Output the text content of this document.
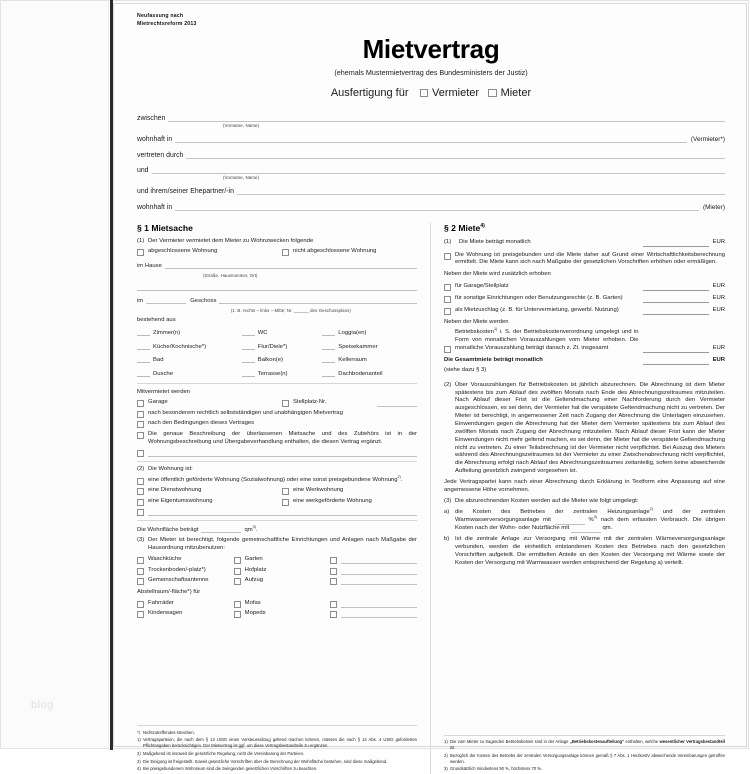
blog
Neufassung nach
Mietrechtsreform 2013
Mietvertrag
(ehemals Mustermietvertrag des Bundesministers der Justiz)
Ausfertigung für Vermieter Mieter
zwischen
(Vorname, Name)
wohnhaft in	(Vermieter*)
vertreten durch
und
(Vorname, Name)
und ihrem/seiner Ehepartner/-in
wohnhaft in	(Mieter)
§ 1 Mietsache
(1) Der Vermieter vermietet dem Mieter zu Wohnzwecken folgende
abgeschlossene Wohnung	nicht abgeschlossene Wohnung
im Hause
(Straße, Hausnummer, Ort)
im	Geschoss
(z. B. rechts – links – Mitte; Nr. ______ des Geschossplans)
bestehend aus
Zimmer(n)	WC	Loggia(en)
Küche/Kochnische*)	Flur/Diele*)	Speisekammer
Bad	Balkon(e)	Kellerraum
Dusche	Terrasse(n)	Dachbodenanteil
Mitvermietet werden
Garage	Stellplatz-Nr.
nach besonderem rechtlich selbstständigen und unabhängigen Mietvertrag
nach den Bedingungen dieses Vertrages
Die genaue Beschreibung der überlassenen Mietsache und des Zubehörs ist in der Wohnungsbeschreibung und Übergabeverhandlung enthalten, die diesen Vertrag ergänzt.
(2) Die Wohnung ist:
eine öffentlich geförderte Wohnung (Sozialwohnung) oder eine sonst preisgebundene Wohnung$^{2)}$.
eine Dienstwohnung	eine Werkwohnung
eine Eigentumswohnung	eine werkgeförderte Wohnung
Die Wohnfläche beträgt	$qm^{3)}$.
(3) Der Mieter ist berechtigt, folgende gemeinschaftliche Einrichtungen und Anlagen nach Maßgabe der Hausordnung mitzubenutzen:
Waschküche	Garten
Trockenboden/-platz*)	Hofplatz
Gemeinschaftsantenne	Aufzug
Abstellraum/-fläche*) für
Fahrräder	Mofas
Kinderwagen	Mopeds
*) Nichtzutreffendes streichen.
1) Vertragsparteien, die nach dem § 13 UStG einen Vorsteuerabzug geltend machen können, müssen die nach § 14 Abs. 4 UStG geforderten Pflichtangaben berücksichtigen. Der Mietvertrag ist ggf. um diese Vertragsbestandteile zu ergänzen.
2) Maßgebend ist insoweit die gesetzliche Regelung, nicht die Vereinbarung der Parteien.
3) Die Einigung ist freigestellt. Soweit gesetzliche Vorschriften über die Berechnung der Wohnfläche bestehen, sind diese maßgebend.
4) Bei preisgebundenem Wohnraum sind die zwingenden gesetzlichen Vorschriften zu beachten.
§ 2 Miete$^{4)}$
(1)	Die Miete beträgt monatlich	EUR
Die Wohnung ist preisgebunden und die Miete daher auf Grund einer Wirtschaftlichkeitsberechnung ermittelt. Die Miete kann sich nach Maßgabe der gesetzlichen Vorschriften erhöhen oder ermäßigen.
Neben der Miete wird zusätzlich erhoben
für Garage/Stellplatz	EUR
für sonstige Einrichtungen oder Benutzungsrechte (z. B. Garten)	EUR
als Mietzuschlag (z. B. für Untervermietung, gewerbl. Nutzung)	EUR
Neben der Miete werden
Betriebskosten$^{1)}$ i. S. der Betriebskostenverordnung umgelegt und in Form von monatlichen Vorauszahlungen vom Mieter erhoben. Die monatliche Vorauszahlung beträgt danach z. Zt. insgesamt	EUR
Die Gesamtmiete beträgt monatlich	EUR
(siehe dazu § 3)
(2) Über Vorauszahlungen für Betriebskosten ist jährlich abzurechnen. Die Abrechnung ist dem Mieter spätestens bis zum Ablauf des zwölften Monats nach Ende des Abrechnungszeitraumes mitzuteilen. Nach Ablauf dieser Frist ist die Geltendmachung einer Nachforderung durch den Vermieter ausgeschlossen, es sei denn, der Vermieter hat die verspätete Geltendmachung nicht zu vertreten. Der Mieter ist berechtigt, in angemessener Zeit nach Zugang der Abrechnung die Unterlagen einzusehen. Einwendungen gegen die Abrechnung hat der Mieter dem Vermieter spätestens bis zum Ablauf des zwölften Monats nach Zugang der Abrechnung mitzuteilen. Nach Ablauf dieser Frist kann der Mieter Einwendungen nicht mehr geltend machen, es sei denn, der Mieter hat die verspätete Geltendmachung nicht zu vertreten. Zu einer Teilabrechnung ist der Vermieter nicht verpflichtet. Bei Auszug des Mieters während des Abrechnungszeitraumes ist der Vermieter zu einer Zwischenabrechnung nicht verpflichtet, die Abrechnung erfolgt nach Ablauf des Abrechnungszeitraumes zeitanteilig, sofern keine abweichende Aufteilung gesetzlich zwingend vorgesehen ist.
Jede Vertragspartei kann nach einer Abrechnung durch Erklärung in Textform eine Anpassung auf eine angemessene Höhe vornehmen.
(3) Die abzurechnenden Kosten werden auf die Mieter wie folgt umgelegt:
a) die Kosten des Betriebes der zentralen Heizungsanlage$^{2)}$ und der zentralen Warmwasserversorgungsanlage mit	%$^{3)}$ nach dem erfassten Verbrauch. Die übrigen Kosten nach der Wohn- oder Nutzfläche mit	qm.
b) Ist die zentrale Anlage zur Versorgung mit Wärme mit der zentralen Wärmeversorgungsanlage verbunden, werden die einheitlich entstandenen Kosten des Betriebes nach den gesetzlichen Vorschriften aufgeteilt. Die ermittelten Anteile an den Kosten der Versorgung mit Wärme sowie der Kosten der Versorgung mit Warmwasser werden entsprechend der Regelung a) verteilt.
1) Die vom Mieter zu tragenden Betriebskosten sind in der Anlage „Betriebskostenaufteilung" enthalten, welche wesentlicher Vertragsbestandteil ist.
2) Bezüglich der Kosten des Betriebs der zentralen Versorgungsanlage können gemäß § 7 Abs. 1 HeizkostV abweichende Vereinbarungen getroffen werden.
3) Grundsätzlich mindestens 50 %, höchstens 70 %.
